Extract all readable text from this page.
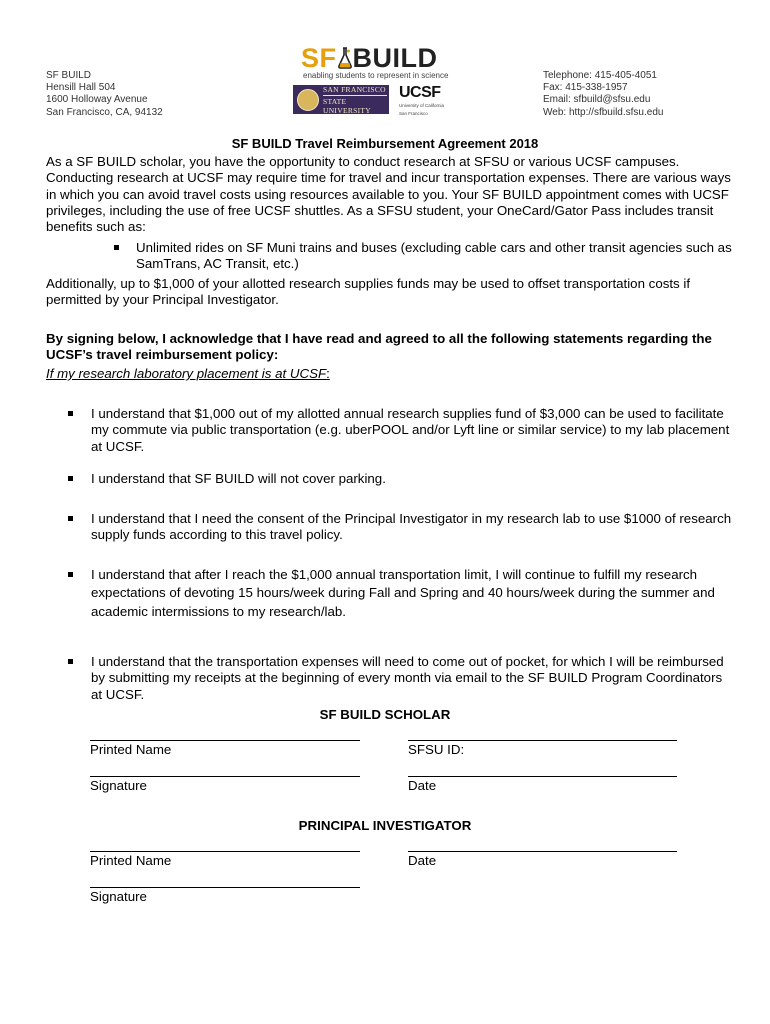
SF BUILD
Hensill Hall 504
1600 Holloway Avenue
San Francisco, CA, 94132
SF BUILD
enabling students to represent in science
SAN FRANCISCO
STATE UNIVERSITY
UCSF
University of California
San Francisco
Telephone: 415-405-4051
Fax: 415-338-1957
Email: sfbuild@sfsu.edu
Web: http://sfbuild.sfsu.edu
SF BUILD Travel Reimbursement Agreement 2018
As a SF BUILD scholar, you have the opportunity to conduct research at SFSU or various UCSF campuses. Conducting research at UCSF may require time for travel and incur transportation expenses. There are various ways in which you can avoid travel costs using resources available to you. Your SF BUILD appointment comes with UCSF privileges, including the use of free UCSF shuttles. As a SFSU student, your OneCard/Gator Pass includes transit benefits such as:
Unlimited rides on SF Muni trains and buses (excluding cable cars and other transit agencies such as SamTrans, AC Transit, etc.)
Additionally, up to $1,000 of your allotted research supplies funds may be used to offset transportation costs if permitted by your Principal Investigator.
By signing below, I acknowledge that I have read and agreed to all the following statements regarding the UCSF’s travel reimbursement policy:
If my research laboratory placement is at UCSF:
I understand that $1,000 out of my allotted annual research supplies fund of $3,000 can be used to facilitate my commute via public transportation (e.g. uberPOOL and/or Lyft line or similar service) to my lab placement at UCSF.
I understand that SF BUILD will not cover parking.
I understand that I need the consent of the Principal Investigator in my research lab to use $1000 of research supply funds according to this travel policy.
I understand that after I reach the $1,000 annual transportation limit, I will continue to fulfill my research expectations of devoting 15 hours/week during Fall and Spring and 40 hours/week during the summer and academic intermissions to my research/lab.
I understand that the transportation expenses will need to come out of pocket, for which I will be reimbursed by submitting my receipts at the beginning of every month via email to the SF BUILD Program Coordinators at UCSF.
SF BUILD SCHOLAR
Printed Name	SFSU ID:
Signature	Date
PRINCIPAL INVESTIGATOR
Printed Name	Date
Signature
